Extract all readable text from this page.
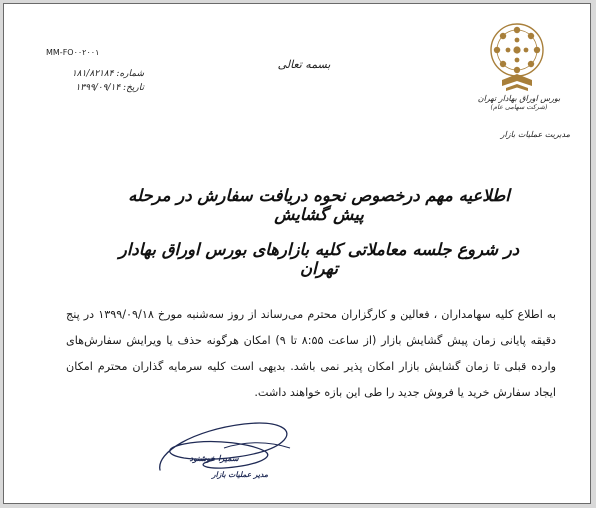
MM-FO۰۰۲۰۰۱
شماره: ۱۸۱/۸۲۱۸۴
تاریخ: ۱۳۹۹/۰۹/۱۴
بسمه تعالی
بورس اوراق بهادار تهران
(شرکت سهامی عام)
مدیریت عملیات بازار
اطلاعیه مهم درخصوص نحوه دریافت سفارش در مرحله پیش گشایش
در شروع جلسه معاملاتی کلیه بازارهای بورس اوراق بهادار تهران
به اطلاع کلیه سهامداران ، فعالین و کارگزاران محترم می‌رساند از روز سه‌شنبه مورخ ۱۳۹۹/۰۹/۱۸ در پنج دقیقه پایانی زمان پیش گشایش بازار (از ساعت ۸:۵۵ تا ۹) امکان هرگونه حذف یا ویرایش سفارش‌های وارده قبلی تا زمان گشایش بازار امکان پذیر نمی باشد. بدیهی است کلیه سرمایه گذاران محترم امکان ایجاد سفارش خرید یا فروش جدید را طی این بازه خواهند داشت.
سمیرا خوشنود
مدیر عملیات بازار
